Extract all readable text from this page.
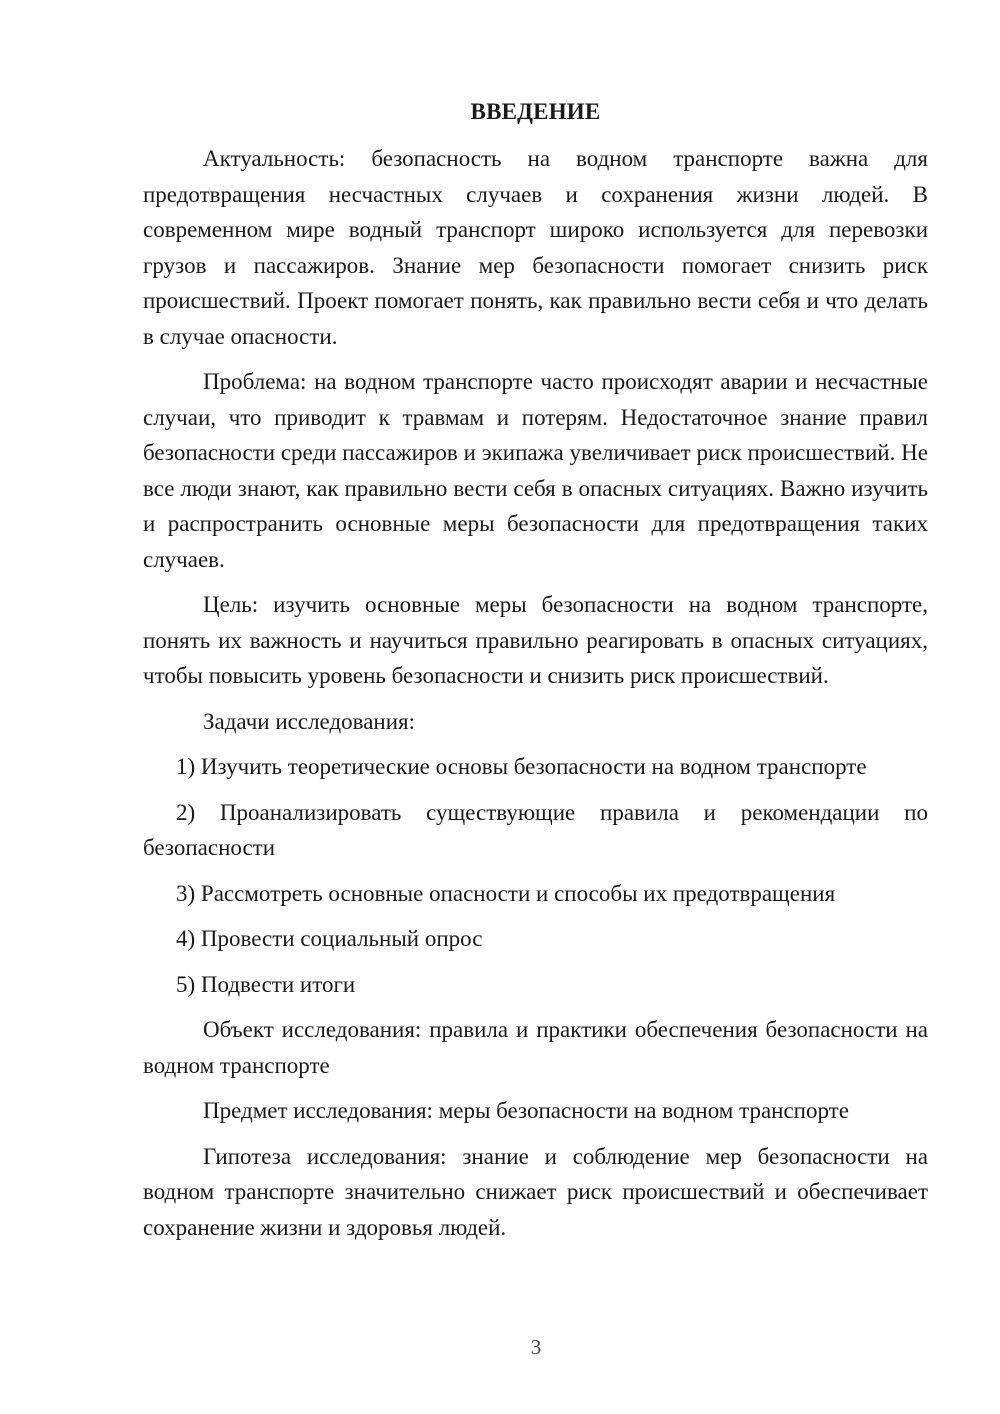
ВВЕДЕНИЕ

Актуальность: безопасность на водном транспорте важна для предотвращения несчастных случаев и сохранения жизни людей. В современном мире водный транспорт широко используется для перевозки грузов и пассажиров. Знание мер безопасности помогает снизить риск происшествий. Проект помогает понять, как правильно вести себя и что делать в случае опасности.

Проблема: на водном транспорте часто происходят аварии и несчастные случаи, что приводит к травмам и потерям. Недостаточное знание правил безопасности среди пассажиров и экипажа увеличивает риск происшествий. Не все люди знают, как правильно вести себя в опасных ситуациях. Важно изучить и распространить основные меры безопасности для предотвращения таких случаев.

Цель: изучить основные меры безопасности на водном транспорте, понять их важность и научиться правильно реагировать в опасных ситуациях, чтобы повысить уровень безопасности и снизить риск происшествий.

Задачи исследования:

1) Изучить теоретические основы безопасности на водном транспорте

2) Проанализировать существующие правила и рекомендации по безопасности

3) Рассмотреть основные опасности и способы их предотвращения

4) Провести социальный опрос

5) Подвести итоги

Объект исследования: правила и практики обеспечения безопасности на водном транспорте

Предмет исследования: меры безопасности на водном транспорте

Гипотеза исследования: знание и соблюдение мер безопасности на водном транспорте значительно снижает риск происшествий и обеспечивает сохранение жизни и здоровья людей.

3
